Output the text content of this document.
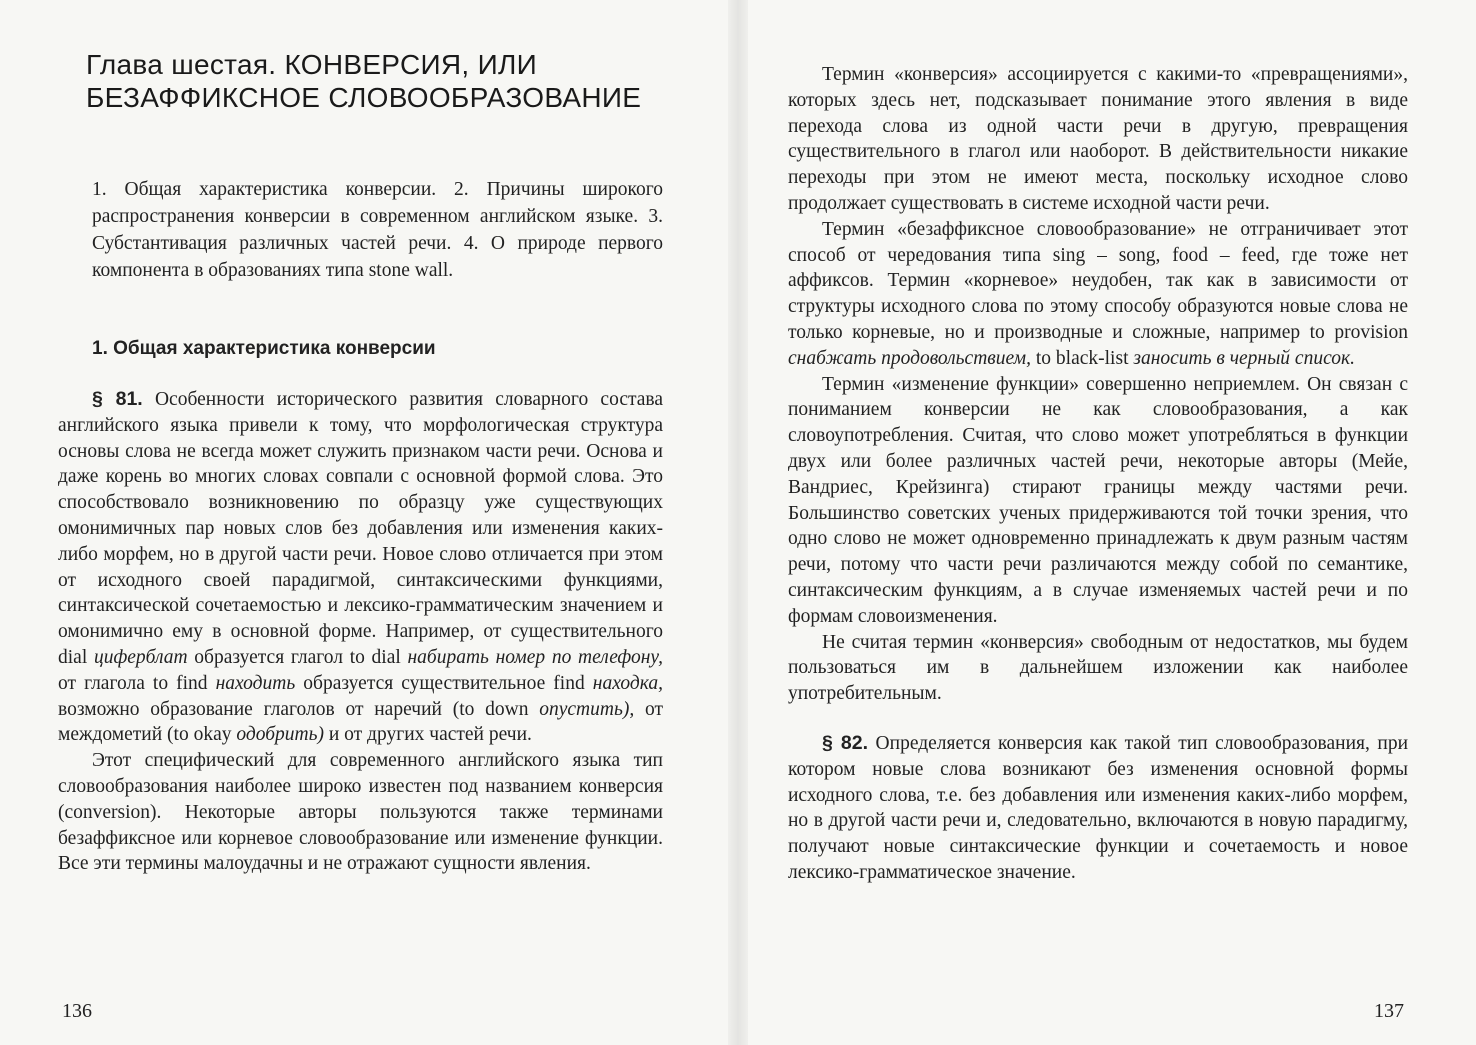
Глава шестая. КОНВЕРСИЯ, ИЛИ
БЕЗАФФИКСНОЕ СЛОВООБРАЗОВАНИЕ
1. Общая характеристика конверсии. 2. Причины широкого распространения конверсии в современном английском языке. 3. Субстантивация различных частей речи. 4. О природе первого компонента в образованиях типа stone wall.
1. Общая характеристика конверсии

§ 81. Особенности исторического развития словарного состава английского языка привели к тому, что морфологическая структура основы слова не всегда может служить признаком части речи. Основа и даже корень во многих словах совпали с основной формой слова. Это способствовало возникновению по образцу уже существующих омонимичных пар новых слов без добавления или изменения каких-либо морфем, но в другой части речи. Новое слово отличается при этом от исходного своей парадигмой, синтаксическими функциями, синтаксической сочетаемостью и лексико-грамматическим значением и омонимично ему в основной форме. Например, от существительного dial циферблат образуется глагол to dial набирать номер по телефону, от глагола to find находить образуется существительное find находка, возможно образование глаголов от наречий (to down опустить), от междометий (to okay одобрить) и от других частей речи.

Этот специфический для современного английского языка тип словообразования наиболее широко известен под названием конверсия (conversion). Некоторые авторы пользуются также терминами безаффиксное или корневое словообразование или изменение функции. Все эти термины малоудачны и не отражают сущности явления.

136

Термин «конверсия» ассоциируется с какими-то «превращениями», которых здесь нет, подсказывает понимание этого явления в виде перехода слова из одной части речи в другую, превращения существительного в глагол или наоборот. В действительности никакие переходы при этом не имеют места, поскольку исходное слово продолжает существовать в системе исходной части речи.

Термин «безаффиксное словообразование» не отграничивает этот способ от чередования типа sing – song, food – feed, где тоже нет аффиксов. Термин «корневое» неудобен, так как в зависимости от структуры исходного слова по этому способу образуются новые слова не только корневые, но и производные и сложные, например to provision снабжать продовольствием, to black-list заносить в черный список.

Термин «изменение функции» совершенно неприемлем. Он связан с пониманием конверсии не как словообразования, а как словоупотребления. Считая, что слово может употребляться в функции двух или более различных частей речи, некоторые авторы (Мейе, Вандриес, Крейзинга) стирают границы между частями речи. Большинство советских ученых придерживаются той точки зрения, что одно слово не может одновременно принадлежать к двум разным частям речи, потому что части речи различаются между собой по семантике, синтаксическим функциям, а в случае изменяемых частей речи и по формам словоизменения.

Не считая термин «конверсия» свободным от недостатков, мы будем пользоваться им в дальнейшем изложении как наиболее употребительным.

§ 82. Определяется конверсия как такой тип словообразования, при котором новые слова возникают без изменения основной формы исходного слова, т.е. без добавления или изменения каких-либо морфем, но в другой части речи и, следовательно, включаются в новую парадигму, получают новые синтаксические функции и сочетаемость и новое лексико-грамматическое значение.

137
